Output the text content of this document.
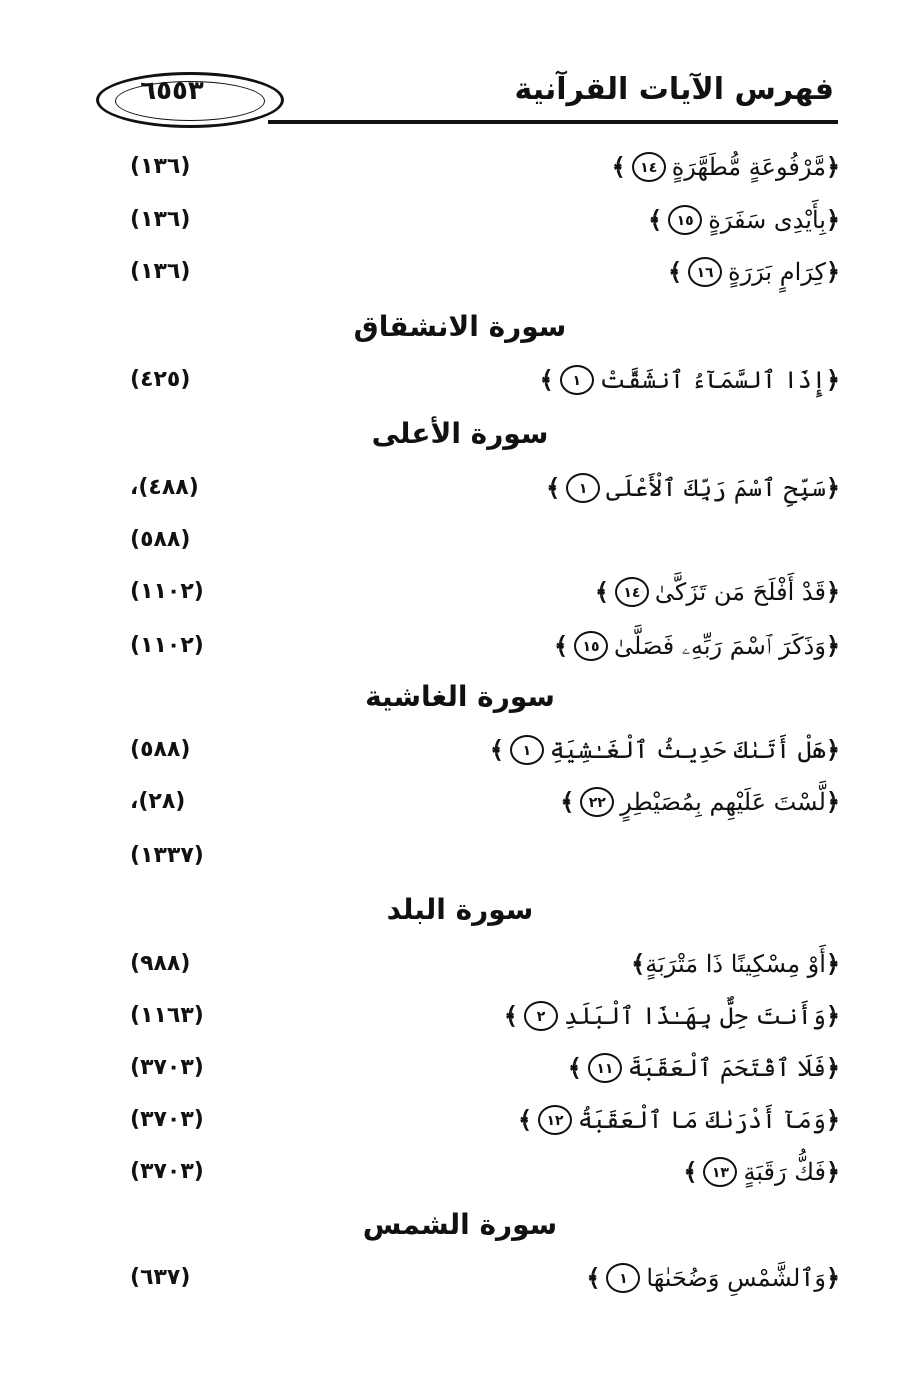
٦٥٥٣	فهرس الآيات القرآنية
﴿مَّرْفُوعَةٍ مُّطَهَّرَةٍ١٤﴾
(١٣٦)
﴿بِأَيْدِى سَفَرَةٍ١٥﴾
(١٣٦)
﴿كِرَامٍ بَرَرَةٍ١٦﴾
(١٣٦)
سورة الانشقاق
﴿إِذَا ٱلسَّمَآءُ ٱنشَقَّتْ١﴾
(٤٢٥)
سورة الأعلى
﴿سَبِّحِ ٱسْمَ رَبِّكَ ٱلْأَعْلَى١﴾
(٤٨٨)،
(٥٨٨)
﴿قَدْ أَفْلَحَ مَن تَزَكَّىٰ١٤﴾
(١١٠٢)
﴿وَذَكَرَ ٱسْمَ رَبِّهِۦ فَصَلَّىٰ١٥﴾
(١١٠٢)
سورة الغاشية
﴿هَلْ أَتَىٰكَ حَدِيثُ ٱلْغَـٰشِيَةِ١﴾
(٥٨٨)
﴿لَّسْتَ عَلَيْهِم بِمُصَيْطِرٍ٢٢﴾
(٢٨)،
(١٣٣٧)
سورة البلد
﴿أَوْ مِسْكِينًا ذَا مَتْرَبَةٍ﴾
(٩٨٨)
﴿وَأَنتَ حِلٌّ بِهَـٰذَا ٱلْبَلَدِ٢﴾
(١١٦٣)
﴿فَلَا ٱقْتَحَمَ ٱلْعَقَبَةَ١١﴾
(٣٧٠٣)
﴿وَمَآ أَدْرَىٰكَ مَا ٱلْعَقَبَةُ١٢﴾
(٣٧٠٣)
﴿فَكُّ رَقَبَةٍ١٣﴾
(٣٧٠٣)
سورة الشمس
﴿وَٱلشَّمْسِ وَضُحَىٰهَا١﴾
(٦٣٧)
